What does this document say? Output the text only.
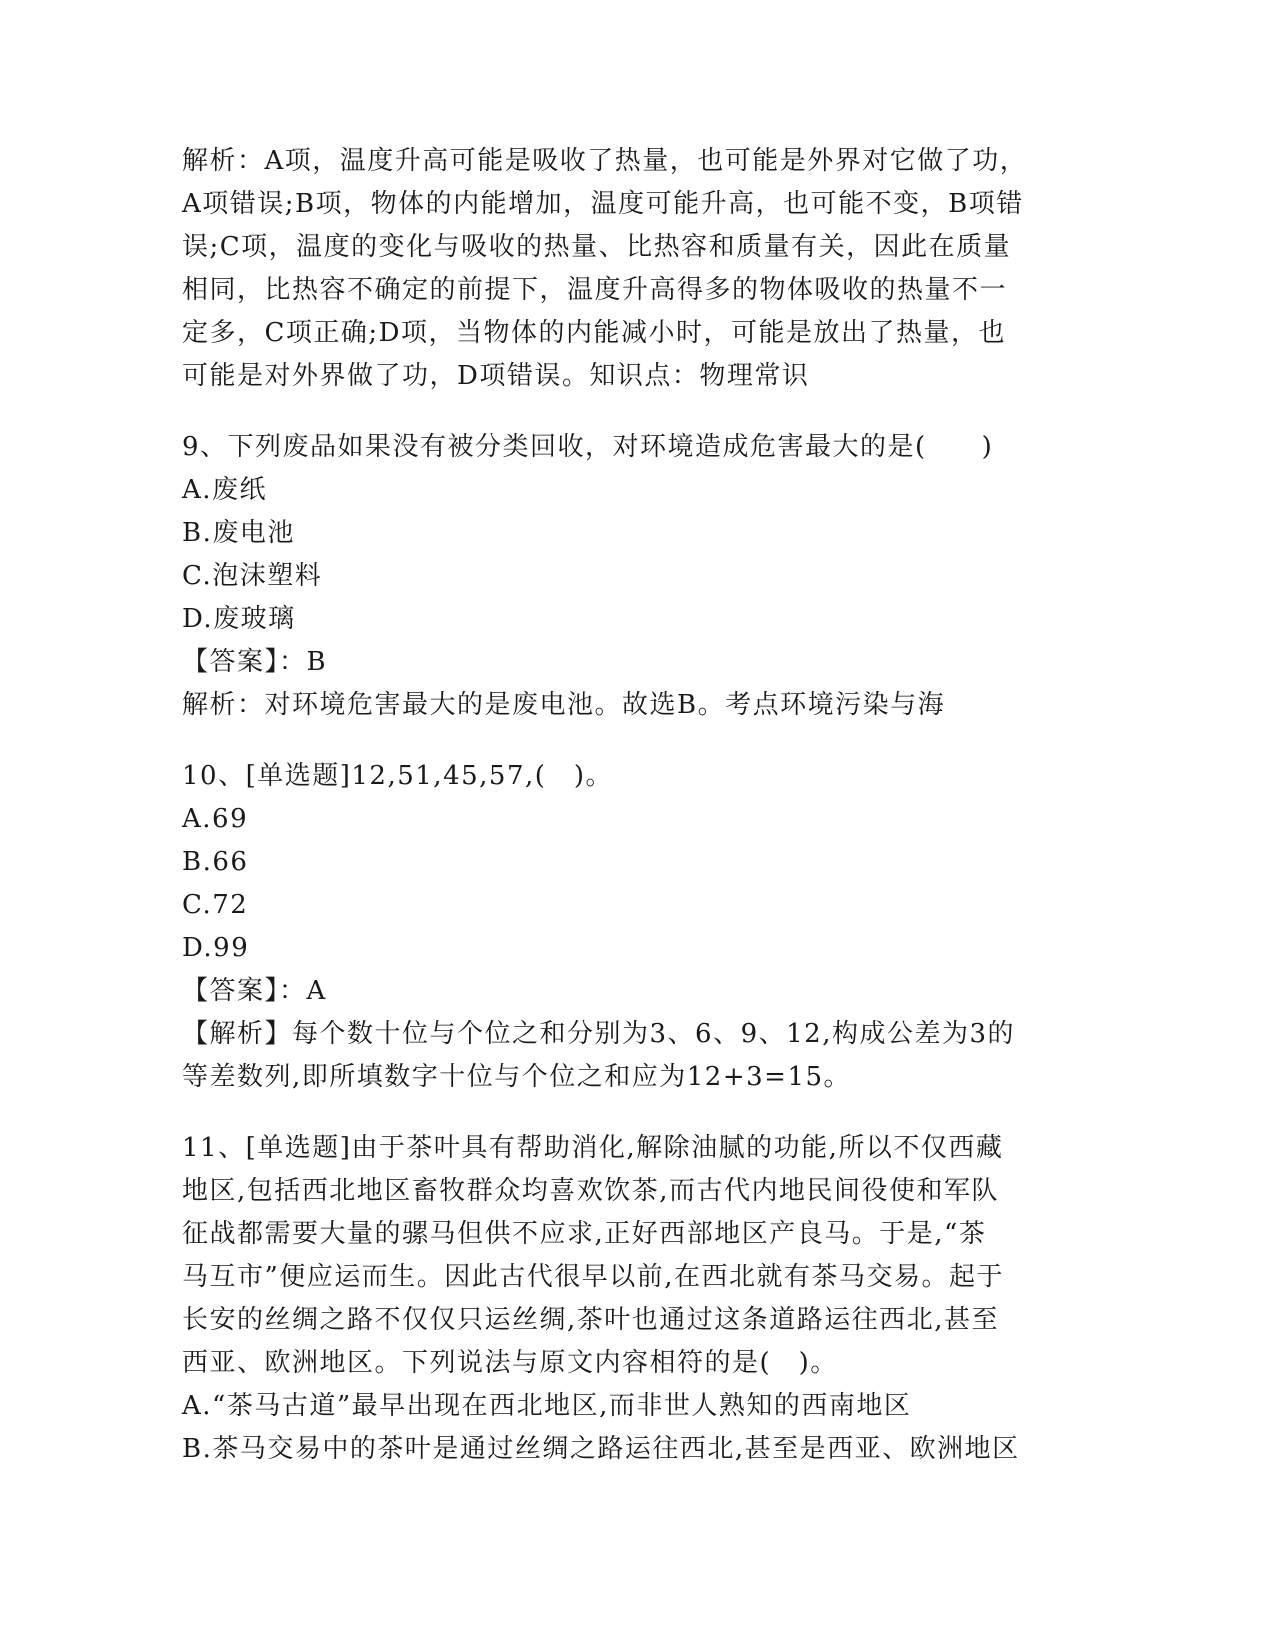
解析：A项，温度升高可能是吸收了热量，也可能是外界对它做了功，
A项错误;B项，物体的内能增加，温度可能升高，也可能不变，B项错
误;C项，温度的变化与吸收的热量、比热容和质量有关，因此在质量
相同，比热容不确定的前提下，温度升高得多的物体吸收的热量不一
定多，C项正确;D项，当物体的内能减小时，可能是放出了热量，也
可能是对外界做了功，D项错误。知识点：物理常识
9、下列废品如果没有被分类回收，对环境造成危害最大的是(　　)
A.废纸
B.废电池
C.泡沫塑料
D.废玻璃
【答案】：B
解析：对环境危害最大的是废电池。故选B。考点环境污染与海
10、[单选题]12,51,45,57,(　)。
A.69
B.66
C.72
D.99
【答案】：A
【解析】每个数十位与个位之和分别为3、6、9、12,构成公差为3的
等差数列,即所填数字十位与个位之和应为12+3=15。
11、[单选题]由于茶叶具有帮助消化,解除油腻的功能,所以不仅西藏
地区,包括西北地区畜牧群众均喜欢饮茶,而古代内地民间役使和军队
征战都需要大量的骡马但供不应求,正好西部地区产良马。于是,“茶
马互市”便应运而生。因此古代很早以前,在西北就有茶马交易。起于
长安的丝绸之路不仅仅只运丝绸,茶叶也通过这条道路运往西北,甚至
西亚、欧洲地区。下列说法与原文内容相符的是(　)。
A.“茶马古道”最早出现在西北地区,而非世人熟知的西南地区
B.茶马交易中的茶叶是通过丝绸之路运往西北,甚至是西亚、欧洲地区
